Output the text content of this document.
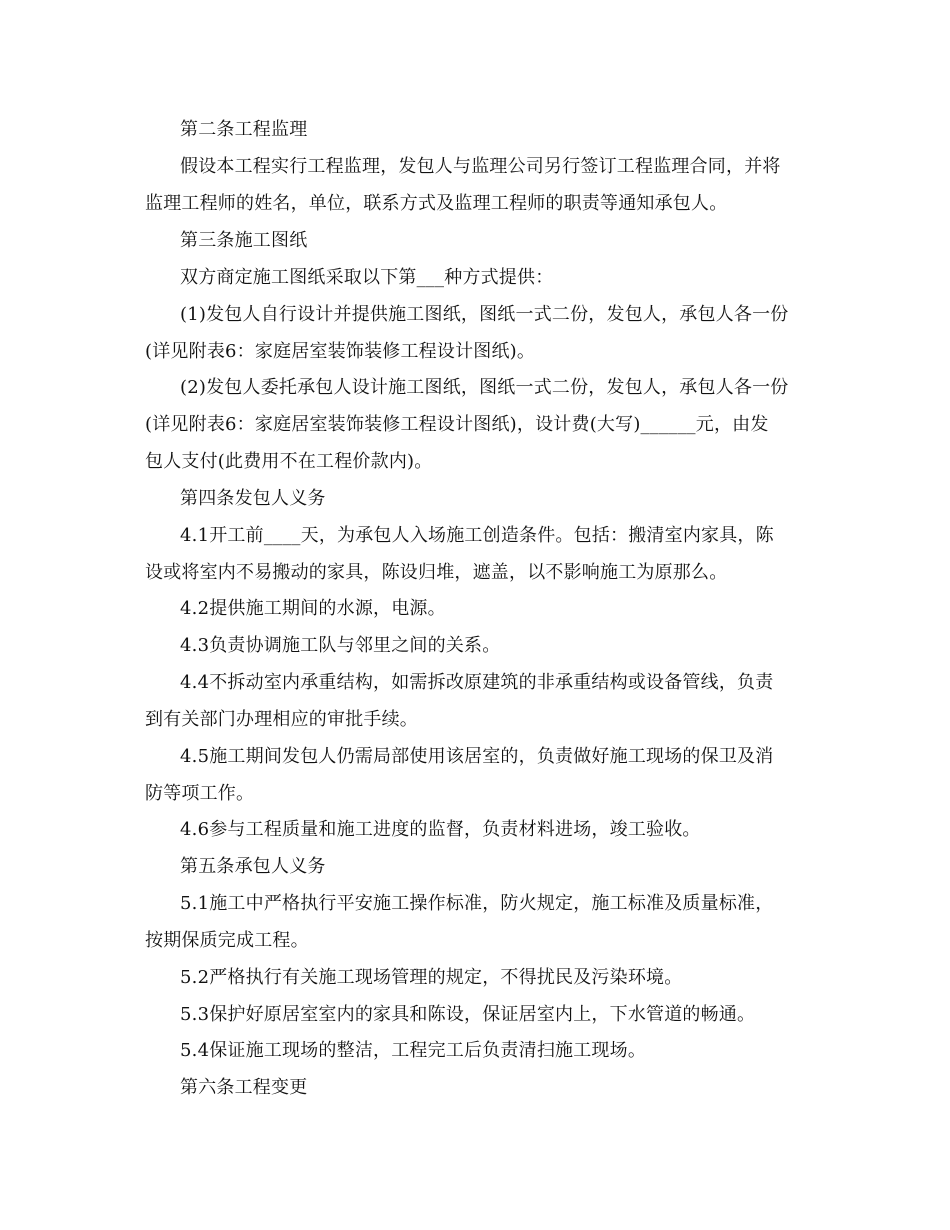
第二条工程监理
假设本工程实行工程监理，发包人与监理公司另行签订工程监理合同，并将
监理工程师的姓名，单位，联系方式及监理工程师的职责等通知承包人。
第三条施工图纸
双方商定施工图纸采取以下第___种方式提供：
(1)发包人自行设计并提供施工图纸，图纸一式二份，发包人，承包人各一份
(详见附表6：家庭居室装饰装修工程设计图纸)。
(2)发包人委托承包人设计施工图纸，图纸一式二份，发包人，承包人各一份
(详见附表6：家庭居室装饰装修工程设计图纸)，设计费(大写)______元，由发
包人支付(此费用不在工程价款内)。
第四条发包人义务
4.1开工前____天，为承包人入场施工创造条件。包括：搬清室内家具，陈
设或将室内不易搬动的家具，陈设归堆，遮盖，以不影响施工为原那么。
4.2提供施工期间的水源，电源。
4.3负责协调施工队与邻里之间的关系。
4.4不拆动室内承重结构，如需拆改原建筑的非承重结构或设备管线，负责
到有关部门办理相应的审批手续。
4.5施工期间发包人仍需局部使用该居室的，负责做好施工现场的保卫及消
防等项工作。
4.6参与工程质量和施工进度的监督，负责材料进场，竣工验收。
第五条承包人义务
5.1施工中严格执行平安施工操作标准，防火规定，施工标准及质量标准，
按期保质完成工程。
5.2严格执行有关施工现场管理的规定，不得扰民及污染环境。
5.3保护好原居室室内的家具和陈设，保证居室内上，下水管道的畅通。
5.4保证施工现场的整洁，工程完工后负责清扫施工现场。
第六条工程变更
